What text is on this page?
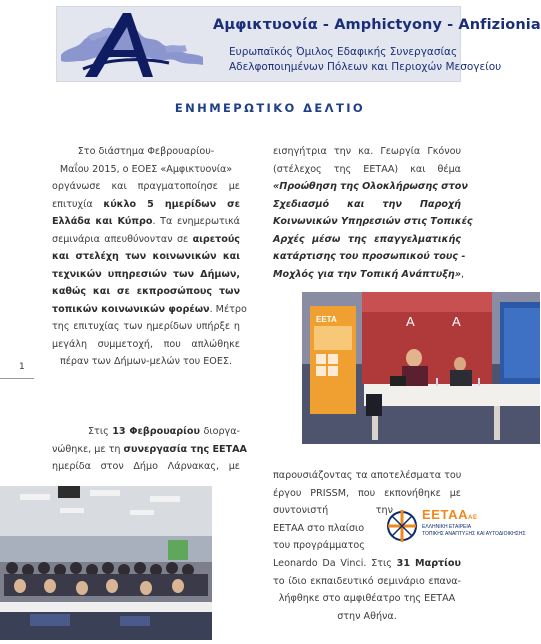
Αμφικτυονία - Amphictyony - Anfizionia
Ευρωπαϊκός Όμιλος Εδαφικής Συνεργασίας
Αδελφοποιημένων Πόλεων και Περιοχών Μεσογείου
ΕΝΗΜΕΡΩΤΙΚΟ ΔΕΛΤΙΟ
Στο διάστημα Φεβρουαρίου-
Μαΐου 2015, ο ΕΟΕΣ «Αμφικτυονία»
οργάνωσε και πραγματοποίησε με
επιτυχία κύκλο 5 ημερίδων σε
Ελλάδα και Κύπρο. Τα ενημερωτικά
σεμινάρια απευθύνονταν σε αιρετούς
και στελέχη των κοινωνικών και
τεχνικών υπηρεσιών των Δήμων,
καθώς και σε εκπροσώπους των
τοπικών κοινωνικών φορέων. Μέτρο
της επιτυχίας των ημερίδων υπήρξε η
μεγάλη συμμετοχή, που απλώθηκε
πέραν των Δήμων-μελών του ΕΟΕΣ.
1
Στις 13 Φεβρουαρίου διοργα-
νώθηκε, με τη συνεργασία της ΕΕΤΑΑ
ημερίδα στον Δήμο Λάρνακας, με
εισηγήτρια την κα. Γεωργία Γκόνου
(στέλεχος της ΕΕΤΑΑ) και θέμα
«Προώθηση της Ολοκλήρωσης στον
Σχεδιασμό και την Παροχή
Κοινωνικών Υπηρεσιών στις Τοπικές
Αρχές μέσω της επαγγελματικής
κατάρτισης του προσωπικού τους -
Μοχλός για την Τοπική Ανάπτυξη»,
ΕΕΤΑ	Α	Α
παρουσιάζοντας τα αποτελέσματα του
έργου PRISSM, που εκπονήθηκε με
συντονιστή την
ΕΕΤΑΑ στο πλαίσιο
του προγράμματος
ΕΕΤΑΑΑΕ
ΕΛΛΗΝΙΚΗ ΕΤΑΙΡΕΙΑ
ΤΟΠΙΚΗΣ ΑΝΑΠΤΥΞΗΣ ΚΑΙ ΑΥΤΟΔΙΟΙΚΗΣΗΣ
Leonardo Da Vinci. Στις 31 Μαρτίου
το ίδιο εκπαιδευτικό σεμινάριο επανα-
λήφθηκε στο αμφιθέατρο της ΕΕΤΑΑ
στην Αθήνα.
